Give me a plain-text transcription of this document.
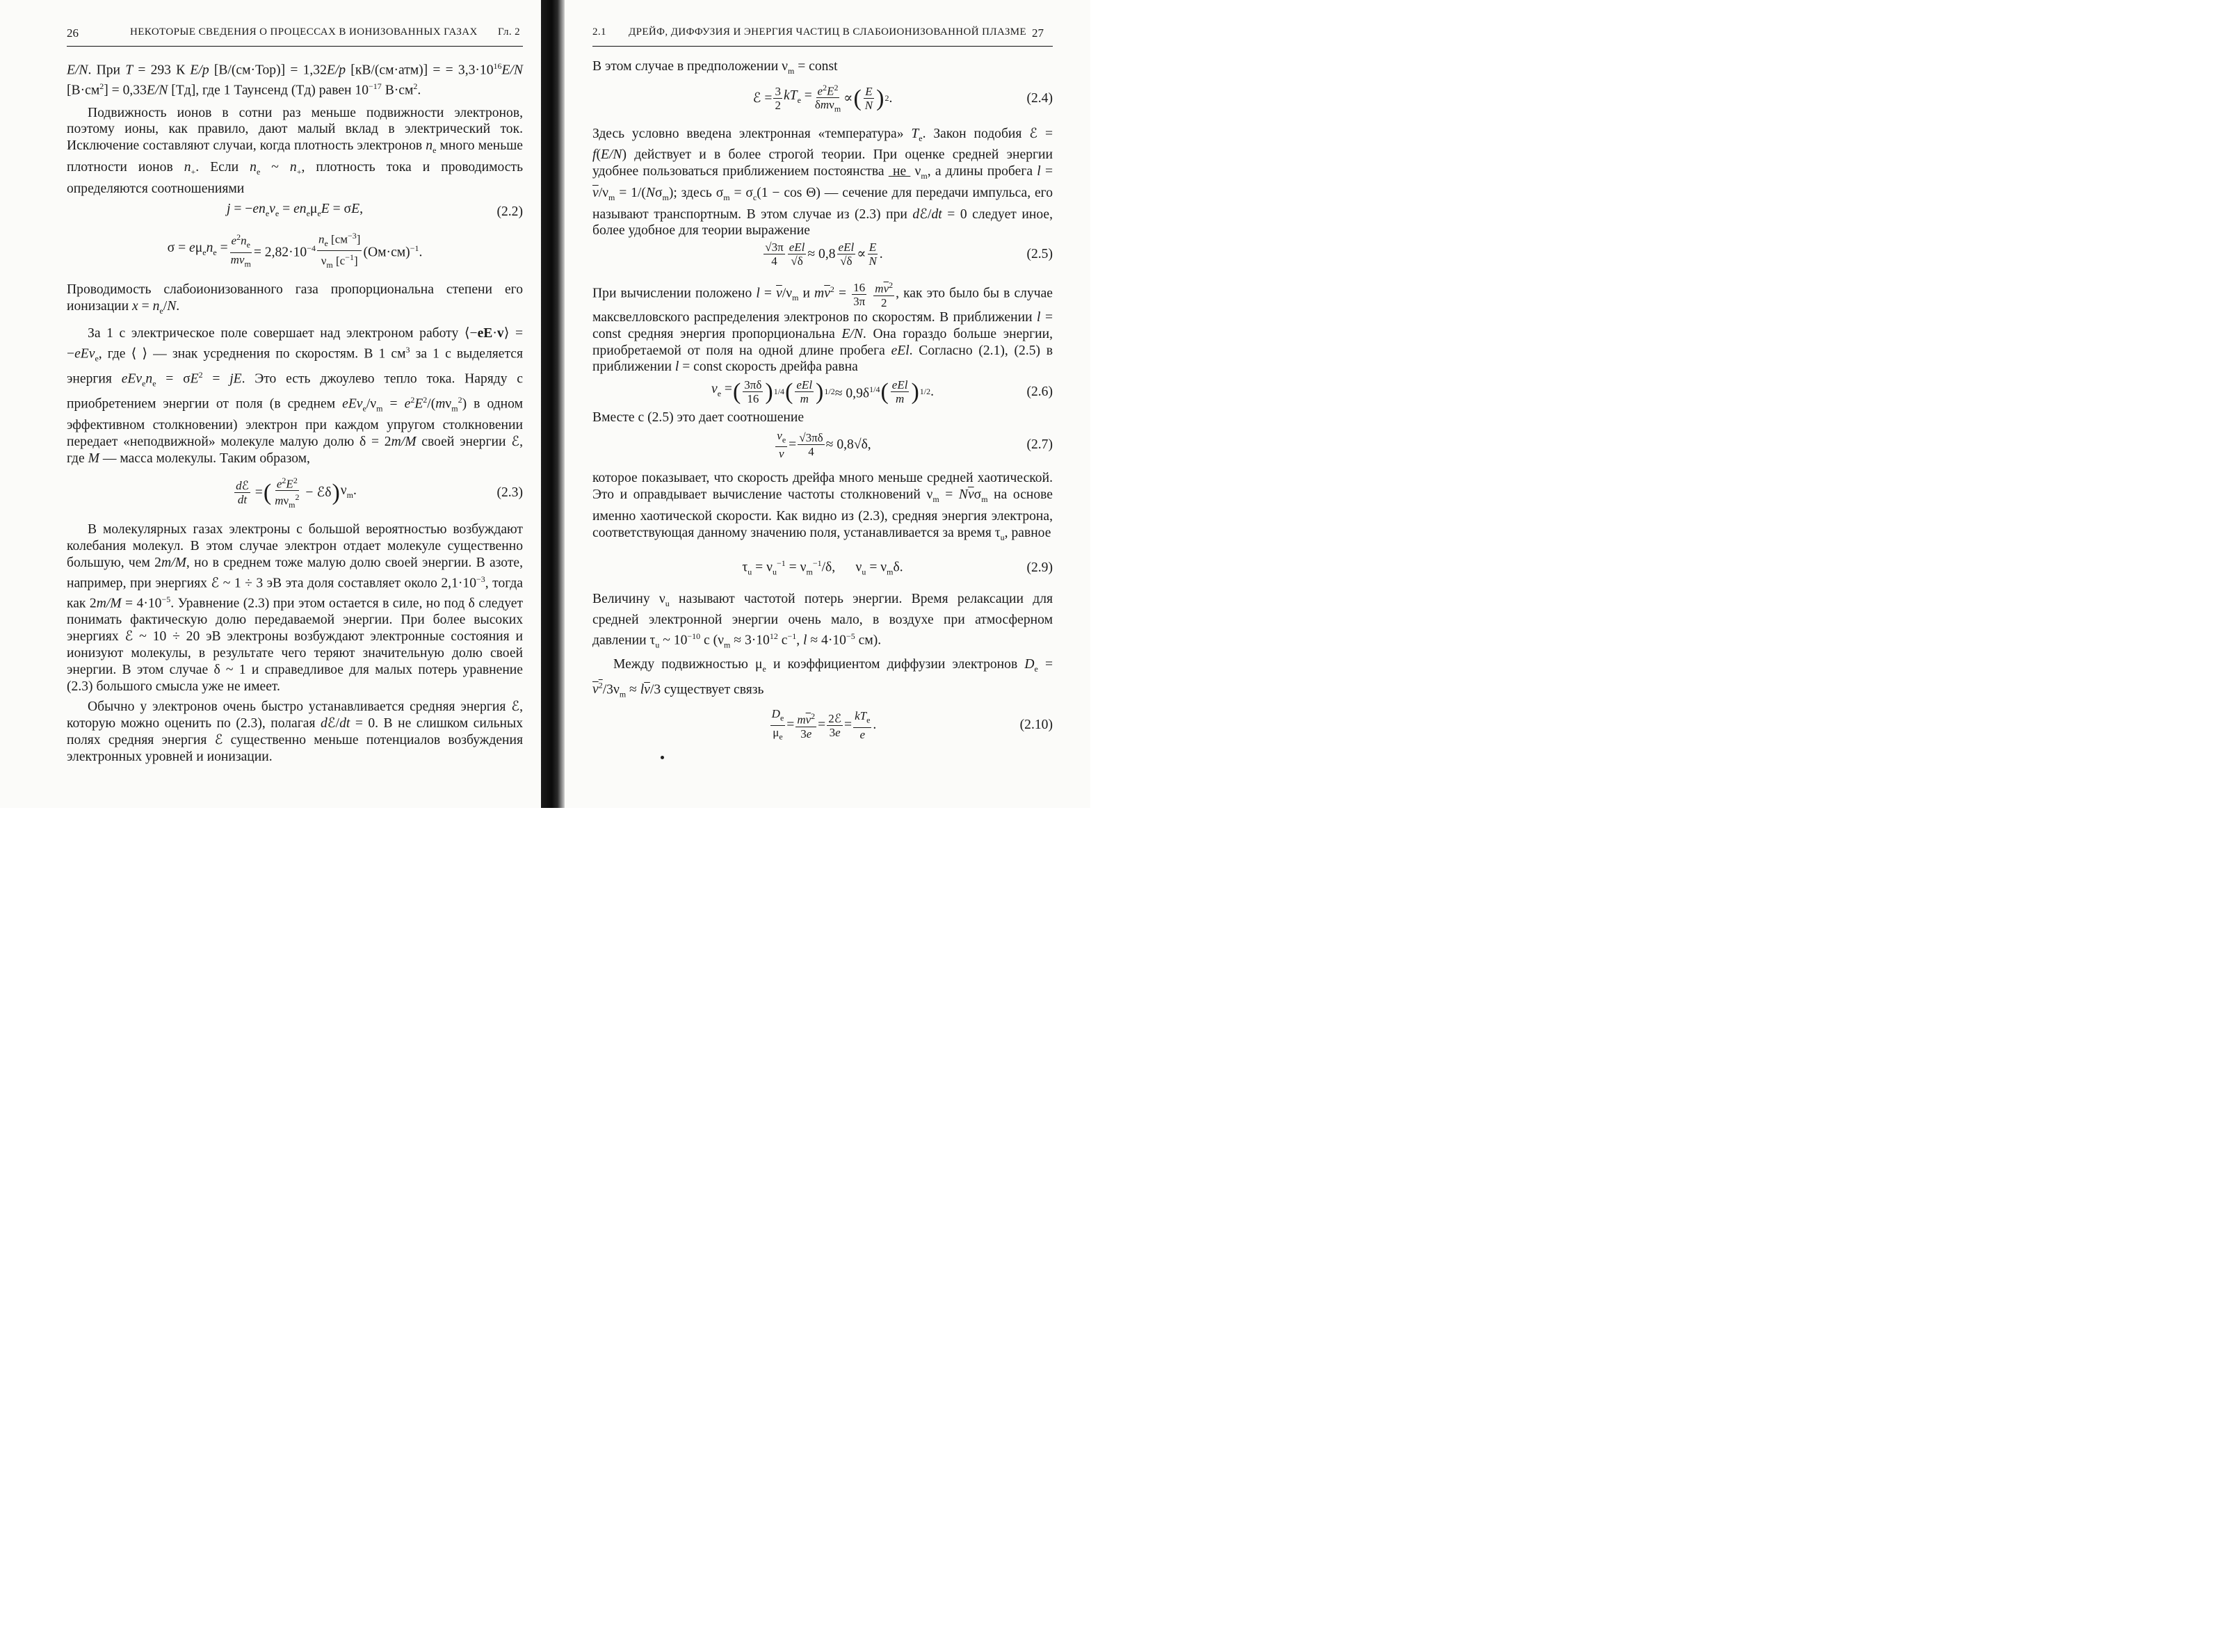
26	НЕКОТОРЫЕ СВЕДЕНИЯ О ПРОЦЕССАХ В ИОНИЗОВАННЫХ ГАЗАХ Гл. 2

E/N. При T = 293 К E/p [В/(см·Тор)] = 1,32E/p [кВ/(см·атм)] = = $3,3\cdot 10^{16}E/N$ $[В\cdot см^2] = 0,33E/N$ [Тд], где 1 Таунсенд (Тд) равен $10^{-17}$ $В\cdot см^2$.

Подвижность ионов в сотни раз меньше подвижности электронов, поэтому ионы, как правило, дают малый вклад в электрический ток. Исключение составляют случаи, когда плотность электронов $n_e$ много меньше плотности ионов $n_+$. Если $n_e$ ~ $n_+$, плотность тока и проводимость определяются соотношениями

$j = -en_ev_e = en_e\mu_eE = \sigma E$,	(2.2)
$\sigma = e\mu_en_e = \frac{e^2n_e}{mv_m} = 2,82\cdot 10^{-4} \frac{n_e [см^{-3}]}{\nu_m [с^{-1}]} (Ом\cdot см)^{-1}$.

Проводимость слабоионизованного газа пропорциональна степени его ионизации $x = n_e/N$.

За 1 с электрическое поле совершает над электроном работу ⟨−eE·v⟩ = −eEv$_e$, где ⟨ ⟩ — знак усреднения по скоростям. В 1 $см^3$ за 1 с выделяется энергия $eEv_en_e = \sigma E^2$ = jE. Это есть джоулево тепло тока. Наряду с приобретением энергии от поля (в среднем $eEv_e/\nu_m = e^2E^2/(m\nu_m^2)$ в одном эффективном столкновении) электрон при каждом упругом столкновении передает «неподвижной» молекуле малую долю δ = 2m/M своей энергии ℰ, где M — масса молекулы. Таким образом,

$\frac{\text{dℰ}}{dt}$ = ( $\frac{e^2E^2}{m\nu_m^2}$ − ℰδ ) $\nu_m$.	(2.3)

В молекулярных газах электроны с большой вероятностью возбуждают колебания молекул. В этом случае электрон отдает молекуле существенно большую, чем 2m/M, но в среднем тоже малую долю своей энергии. В азоте, например, при энергиях ℰ ~ 1 ÷ 3 эВ эта доля составляет около $2,1\cdot 10^{-3}$, тогда как $2m/M = 4\cdot 10^{-5}$. Уравнение (2.3) при этом остается в силе, но под δ следует понимать фактическую долю передаваемой энергии. При более высоких энергиях ℰ ~ 10 ÷ 20 эВ электроны возбуждают электронные состояния и ионизуют молекулы, в результате чего теряют значительную долю своей энергии. В этом случае δ ~ 1 и справедливое для малых потерь уравнение (2.3) большого смысла уже не имеет.

Обычно у электронов очень быстро устанавливается средняя энергия ℰ, которую можно оценить по (2.3), полагая dℰ/dt = 0. В не слишком сильных полях средняя энергия ℰ существенно меньше потенциалов возбуждения электронных уровней и ионизации.

2.1 ДРЕЙФ, ДИФФУЗИЯ И ЭНЕРГИЯ ЧАСТИЦ В СЛАБОИОНИЗОВАННОЙ ПЛАЗМЕ 27

В этом случае в предположении $\nu_m$ = const

ℰ = $\frac{3}{2} kT_e = \frac{e^2E^2}{\delta m\nu_m}$ ∝ ( $\frac{E}{N}$ ) 2 .	(2.4)

Здесь условно введена электронная «температура» $T_e$. Закон подобия ℰ = f(E/N) действует и в более строгой теории. При оценке средней энергии удобнее пользоваться приближением постоянства  не  $\nu_m$, а длины пробега $l = \overline{v}/\nu_m = 1/(N\sigma_m)$; здесь $\sigma_m = \sigma_c(1 - \cos \Theta)$ — сечение для передачи импульса, его называют транспортным. В этом случае из (2.3) при dℰ/dt = 0 следует иное, более удобное для теории выражение

$\frac{√3\pi}{4} \frac{\text{eEl}}{√\delta} \approx 0,8 \frac{\text{eEl}}{√\delta} \propto \frac{E}{N}$ .	(2.5)

При вычислении положено $l = \overline{v}/\nu_m$ и $m\overline{v}^2 = \frac{16}{3\pi}$
$\frac{m\overline{v}^2}{2}$ , как это было бы в случае максвелловского распределения электронов по скоростям. В приближении l = const средняя энергия пропорциональна E/N. Она гораздо больше энергии, приобретаемой от поля на одной длине пробега eEl. Согласно (2.1), (2.5) в приближении l = const скорость дрейфа равна

$v_e$ = ( $\frac{3\pi\delta}{16}$ ) 1/4 ( $\frac{\text{eEl}}{m}$ ) $1/2 \approx 0,9\delta^{1/4}$ ( $\frac{\text{eEl}}{m}$ ) 1/2 .	(2.6)

Вместе с (2.5) это дает соотношение

$\frac{v_e}{v} = \frac{√3\pi\delta}{4} \approx 0,8√\delta$,	(2.7)

которое показывает, что скорость дрейфа много меньше средней хаотической. Это и оправдывает вычисление частоты столкновений $\nu_m = N\overline{v}\sigma_m$ на основе именно хаотической скорости. Как видно из (2.3), средняя энергия электрона, соответствующая данному значению поля, устанавливается за время $\tau_u$, равное

$\tau_u = \nu_u^{-1} = \nu_m^{-1}/\delta$,      $\nu_u = \nu_m\delta$.	(2.9)

Величину $\nu_u$ называют частотой потерь энергии. Время релаксации для средней электронной энергии очень мало, в воздухе при атмосферном давлении $\tau_u$ ~ $10^{-10}$ с ($\nu_m \approx 3\cdot 10^{12}$ $с^{-1}$, $l \approx 4\cdot 10^{-5}$ см).

Между подвижностью $\mu_e$ и коэффициентом диффузии электронов $D_e = v^2/3\nu_m \approx l\overline{v}/3$ существует связь

$\frac{D_e}{\mu_e} = \frac{m\overline{v}^2}{3e} = \frac{\text{2ℰ}}{3e} = \frac{kT_e}{e}$ .	(2.10)
